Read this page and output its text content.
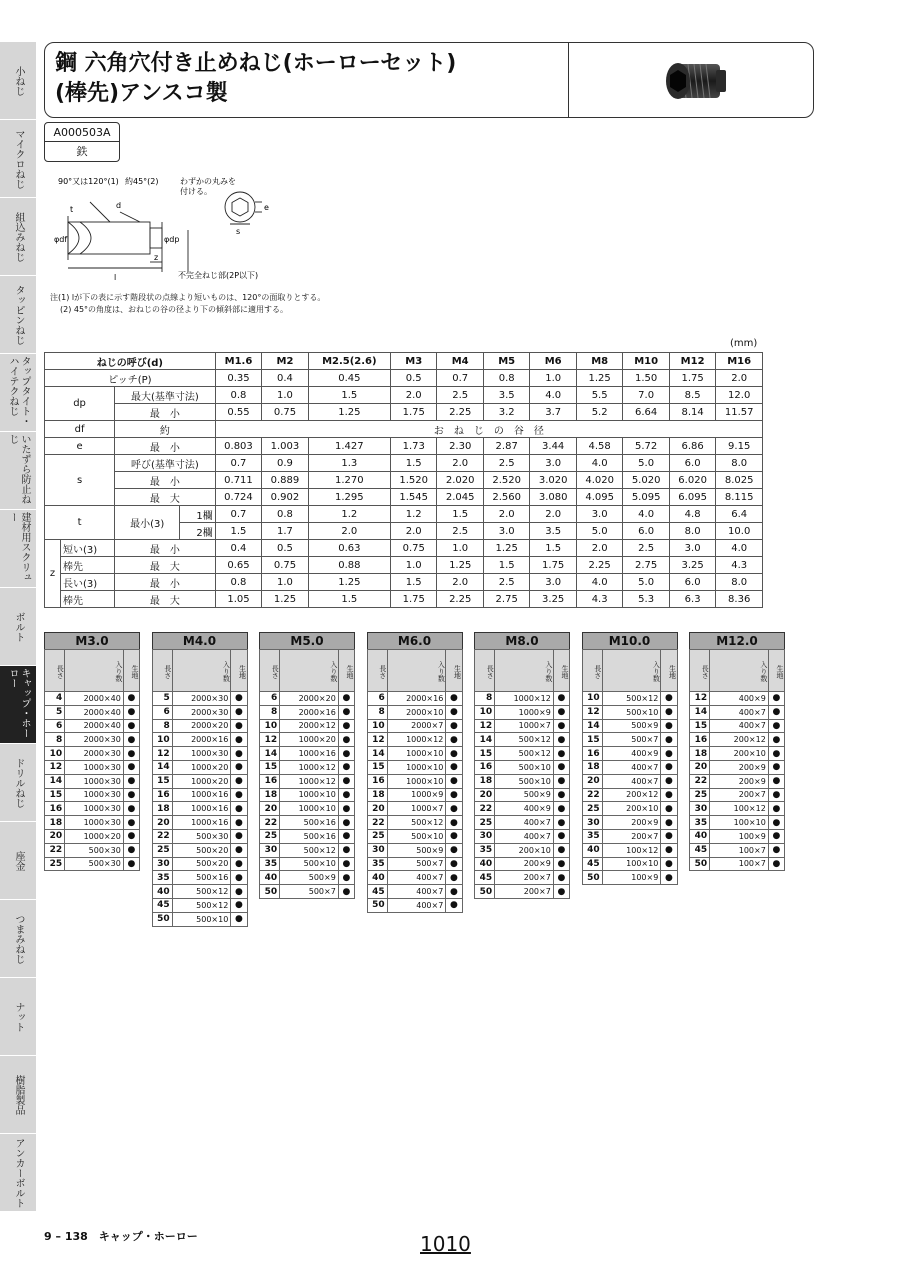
小ねじ
マイクロねじ
組込みねじ
タッピンねじ
タップタイト・ハイテクねじ
いたずら防止ねじ
建材用スクリュー
ボルト
キャップ・ホーロー
ドリルねじ
座金
つまみねじ
ナット
樹脂製品
アンカーボルト
鋼 六角穴付き止めねじ(ホーローセット)
(棒先)アンスコ製
A000503A
鉄
90°又は120°(1) 約45°(2)	わずかの丸みを
付ける。
t	d
φdf	φdp
l
z
e
s
不完全ねじ部(2P以下)
注(1) lが下の表に示す階段状の点線より短いものは、120°の面取りとする。
(2) 45°の角度は、おねじの谷の径より下の傾斜部に適用する。
(mm)
ねじの呼び(d)				M1.6	M2	M2.5(2.6)	M3	M4	M5	M6	M8	M10	M12	M16
ピッチ(P)				0.35	0.4	0.45	0.5	0.7	0.8	1.0	1.25	1.50	1.75	2.0
dp		最大(基準寸法)		0.8	1.0	1.5	2.0	2.5	3.5	4.0	5.5	7.0	8.5	12.0
		最　小		0.55	0.75	1.25	1.75	2.25	3.2	3.7	5.2	6.64	8.14	11.57
df		約		お　ね　じ　の　谷　径										
e		最　小		0.803	1.003	1.427	1.73	2.30	2.87	3.44	4.58	5.72	6.86	9.15
s		呼び(基準寸法)		0.7	0.9	1.3	1.5	2.0	2.5	3.0	4.0	5.0	6.0	8.0
		最　小		0.711	0.889	1.270	1.520	2.020	2.520	3.020	4.020	5.020	6.020	8.025
		最　大		0.724	0.902	1.295	1.545	2.045	2.560	3.080	4.095	5.095	6.095	8.115
t		最小(3)	1欄	0.7	0.8	1.2	1.2	1.5	2.0	2.0	3.0	4.0	4.8	6.4
			2欄	1.5	1.7	2.0	2.0	2.5	3.0	3.5	5.0	6.0	8.0	10.0
z	短い(3)	最　小		0.4	0.5	0.63	0.75	1.0	1.25	1.5	2.0	2.5	3.0	4.0
	棒先	最　大		0.65	0.75	0.88	1.0	1.25	1.5	1.75	2.25	2.75	3.25	4.3
	長い(3)	最　小		0.8	1.0	1.25	1.5	2.0	2.5	3.0	4.0	5.0	6.0	8.0
	棒先	最　大		1.05	1.25	1.5	1.75	2.25	2.75	3.25	4.3	5.3	6.3	8.36
M3.0
長さ	入り数	生地
4	2000×40	●
5	2000×40	●
6	2000×40	●
8	2000×30	●
10	2000×30	●
12	1000×30	●
14	1000×30	●
15	1000×30	●
16	1000×30	●
18	1000×30	●
20	1000×20	●
22	500×30	●
25	500×30	●
M4.0
長さ	入り数	生地
5	2000×30	●
6	2000×30	●
8	2000×20	●
10	2000×16	●
12	1000×30	●
14	1000×20	●
15	1000×20	●
16	1000×16	●
18	1000×16	●
20	1000×16	●
22	500×30	●
25	500×20	●
30	500×20	●
35	500×16	●
40	500×12	●
45	500×12	●
50	500×10	●
M5.0
長さ	入り数	生地
6	2000×20	●
8	2000×16	●
10	2000×12	●
12	1000×20	●
14	1000×16	●
15	1000×12	●
16	1000×12	●
18	1000×10	●
20	1000×10	●
22	500×16	●
25	500×16	●
30	500×12	●
35	500×10	●
40	500×9	●
50	500×7	●
M6.0
長さ	入り数	生地
6	2000×16	●
8	2000×10	●
10	2000×7	●
12	1000×12	●
14	1000×10	●
15	1000×10	●
16	1000×10	●
18	1000×9	●
20	1000×7	●
22	500×12	●
25	500×10	●
30	500×9	●
35	500×7	●
40	400×7	●
45	400×7	●
50	400×7	●
M8.0
長さ	入り数	生地
8	1000×12	●
10	1000×9	●
12	1000×7	●
14	500×12	●
15	500×12	●
16	500×10	●
18	500×10	●
20	500×9	●
22	400×9	●
25	400×7	●
30	400×7	●
35	200×10	●
40	200×9	●
45	200×7	●
50	200×7	●
M10.0
長さ	入り数	生地
10	500×12	●
12	500×10	●
14	500×9	●
15	500×7	●
16	400×9	●
18	400×7	●
20	400×7	●
22	200×12	●
25	200×10	●
30	200×9	●
35	200×7	●
40	100×12	●
45	100×10	●
50	100×9	●
M12.0
長さ	入り数	生地
12	400×9	●
14	400×7	●
15	400×7	●
16	200×12	●
18	200×10	●
20	200×9	●
22	200×9	●
25	200×7	●
30	100×12	●
35	100×10	●
40	100×9	●
45	100×7	●
50	100×7	●
9 – 138　キャップ・ホーロー	1010
